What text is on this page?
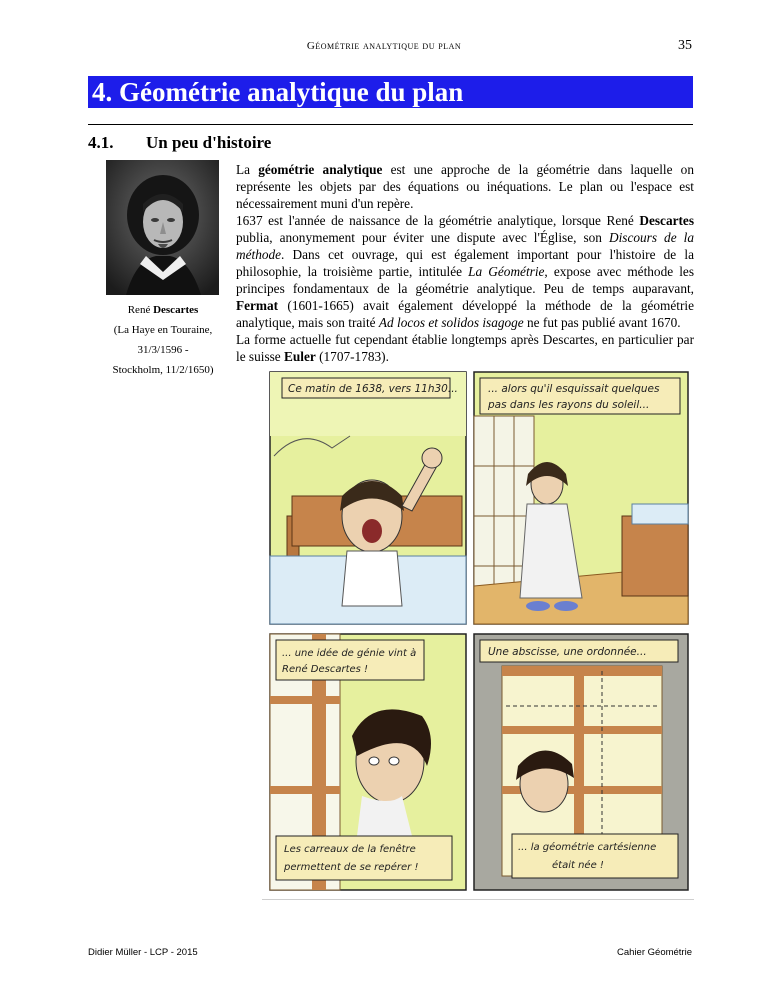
Géométrie analytique du plan	35
4. Géométrie analytique du plan
4.1. Un peu d'histoire
René Descartes
(La Haye en Touraine,
31/3/1596 -
Stockholm, 11/2/1650)

La géométrie analytique est une approche de la géométrie dans laquelle on représente les objets par des équations ou inéquations. Le plan ou l'espace est nécessairement muni d'un repère.

1637 est l'année de naissance de la géométrie analytique, lorsque René Descartes publia, anonymement pour éviter une dispute avec l'Église, son Discours de la méthode. Dans cet ouvrage, qui est également important pour l'histoire de la philosophie, la troisième partie, intitulée La Géométrie, expose avec méthode les principes fondamentaux de la géométrie analytique. Peu de temps auparavant, Fermat (1601-1665) avait également développé la méthode de la géométrie analytique, mais son traité Ad locos et solidos isagoge ne fut pas publié avant 1670.

La forme actuelle fut cependant établie longtemps après Descartes, en particulier par le suisse Euler (1707-1783).

Ce matin de 1638, vers 11h30...	... alors qu'il esquissait quelques
pas dans les rayons du soleil...
... une idée de génie vint à
René Descartes !
Les carreaux de la fenêtre
permettent de se repérer !
Une abscisse, une ordonnée...
... la géométrie cartésienne
était née !
Didier Müller - LCP - 2015	Cahier Géométrie
